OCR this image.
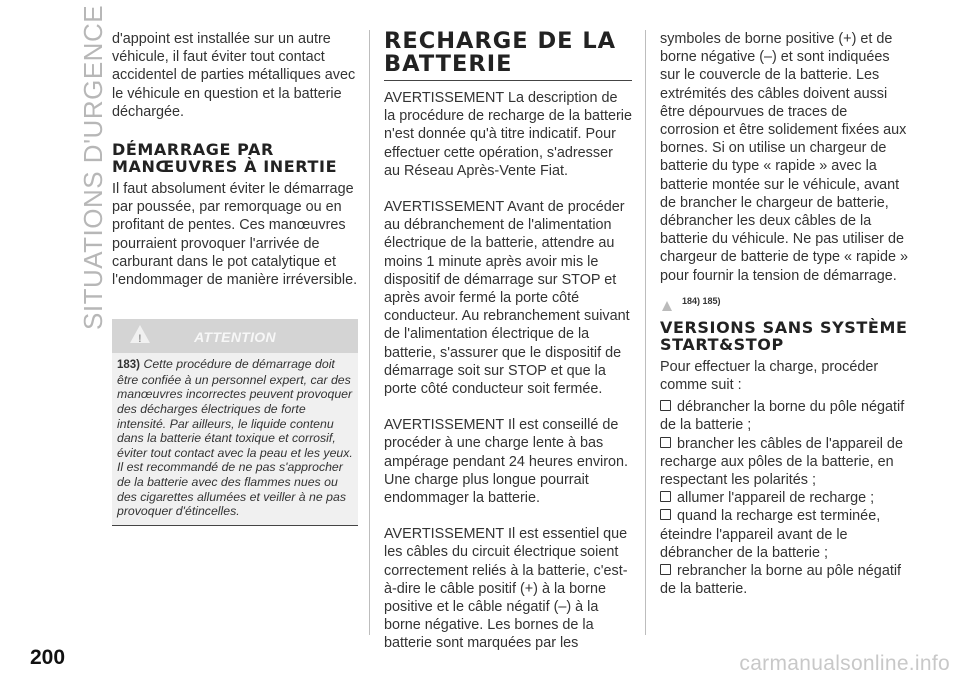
SITUATIONS D'URGENCE d'appoint est installée sur un autre véhicule, il faut éviter tout contact accidentel de parties métalliques avec le véhicule en question et la batterie déchargée.

DÉMARRAGE PAR MANŒUVRES À INERTIE

Il faut absolument éviter le démarrage par poussée, par remorquage ou en profitant de pentes. Ces manœuvres pourraient provoquer l'arrivée de carburant dans le pot catalytique et l'endommager de manière irréversible.

!	ATTENTION
183) Cette procédure de démarrage doit être confiée à un personnel expert, car des manœuvres incorrectes peuvent provoquer des décharges électriques de forte intensité. Par ailleurs, le liquide contenu dans la batterie étant toxique et corrosif, éviter tout contact avec la peau et les yeux. Il est recommandé de ne pas s'approcher de la batterie avec des flammes nues ou des cigarettes allumées et veiller à ne pas provoquer d'étincelles.
RECHARGE DE LA BATTERIE

AVERTISSEMENT La description de la procédure de recharge de la batterie n'est donnée qu'à titre indicatif. Pour effectuer cette opération, s'adresser au Réseau Après-Vente Fiat.

AVERTISSEMENT Avant de procéder au débranchement de l'alimentation électrique de la batterie, attendre au moins 1 minute après avoir mis le dispositif de démarrage sur STOP et après avoir fermé la porte côté conducteur. Au rebranchement suivant de l'alimentation électrique de la batterie, s'assurer que le dispositif de démarrage soit sur STOP et que la porte côté conducteur soit fermée.

AVERTISSEMENT Il est conseillé de procéder à une charge lente à bas ampérage pendant 24 heures environ. Une charge plus longue pourrait endommager la batterie.

AVERTISSEMENT Il est essentiel que les câbles du circuit électrique soient correctement reliés à la batterie, c'est-à-dire le câble positif (+) à la borne positive et le câble négatif (–) à la borne négative. Les bornes de la batterie sont marquées par les

symboles de borne positive (+) et de borne négative (–) et sont indiquées sur le couvercle de la batterie. Les extrémités des câbles doivent aussi être dépourvues de traces de corrosion et être solidement fixées aux bornes. Si on utilise un chargeur de batterie du type « rapide » avec la batterie montée sur le véhicule, avant de brancher le chargeur de batterie, débrancher les deux câbles de la batterie du véhicule. Ne pas utiliser de chargeur de batterie de type « rapide » pour fournir la tension de démarrage.

184) 185)
VERSIONS SANS SYSTÈME START&STOP

Pour effectuer la charge, procéder comme suit :

débrancher la borne du pôle négatif de la batterie ;
brancher les câbles de l'appareil de recharge aux pôles de la batterie, en respectant les polarités ;
allumer l'appareil de recharge ;
quand la recharge est terminée, éteindre l'appareil avant de le débrancher de la batterie ;
rebrancher la borne au pôle négatif de la batterie.
200	carmanualsonline.info
